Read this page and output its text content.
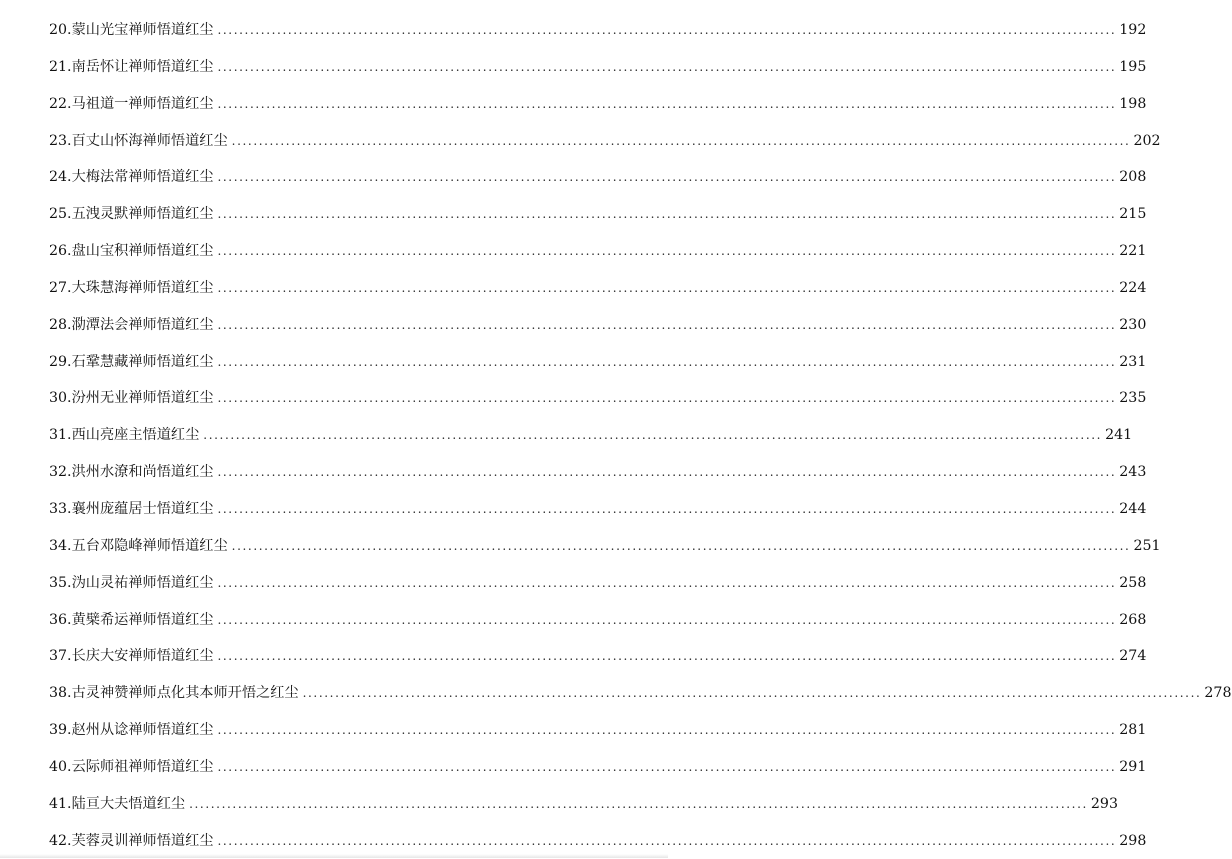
20. 蒙山光宝禅师悟道红尘 ...................................................................................................................................................................... 192
21. 南岳怀让禅师悟道红尘 ...................................................................................................................................................................... 195
22. 马祖道一禅师悟道红尘 ...................................................................................................................................................................... 198
23. 百丈山怀海禅师悟道红尘 ...................................................................................................................................................................... 202
24. 大梅法常禅师悟道红尘 ...................................................................................................................................................................... 208
25. 五洩灵默禅师悟道红尘 ...................................................................................................................................................................... 215
26. 盘山宝积禅师悟道红尘 ...................................................................................................................................................................... 221
27. 大珠慧海禅师悟道红尘 ...................................................................................................................................................................... 224
28. 泐潭法会禅师悟道红尘 ...................................................................................................................................................................... 230
29. 石鞏慧藏禅师悟道红尘 ...................................................................................................................................................................... 231
30. 汾州无业禅师悟道红尘 ...................................................................................................................................................................... 235
31. 西山亮座主悟道红尘 ...................................................................................................................................................................... 241
32. 洪州水潦和尚悟道红尘 ...................................................................................................................................................................... 243
33. 襄州庞蕴居士悟道红尘 ...................................................................................................................................................................... 244
34. 五台邓隐峰禅师悟道红尘 ...................................................................................................................................................................... 251
35. 沩山灵祐禅师悟道红尘 ...................................................................................................................................................................... 258
36. 黄檗希运禅师悟道红尘 ...................................................................................................................................................................... 268
37. 长庆大安禅师悟道红尘 ...................................................................................................................................................................... 274
38. 古灵神赞禅师点化其本师开悟之红尘 ...................................................................................................................................................................... 278
39. 赵州从谂禅师悟道红尘 ...................................................................................................................................................................... 281
40. 云际师祖禅师悟道红尘 ...................................................................................................................................................................... 291
41. 陆亘大夫悟道红尘 ...................................................................................................................................................................... 293
42. 芙蓉灵训禅师悟道红尘 ...................................................................................................................................................................... 298
